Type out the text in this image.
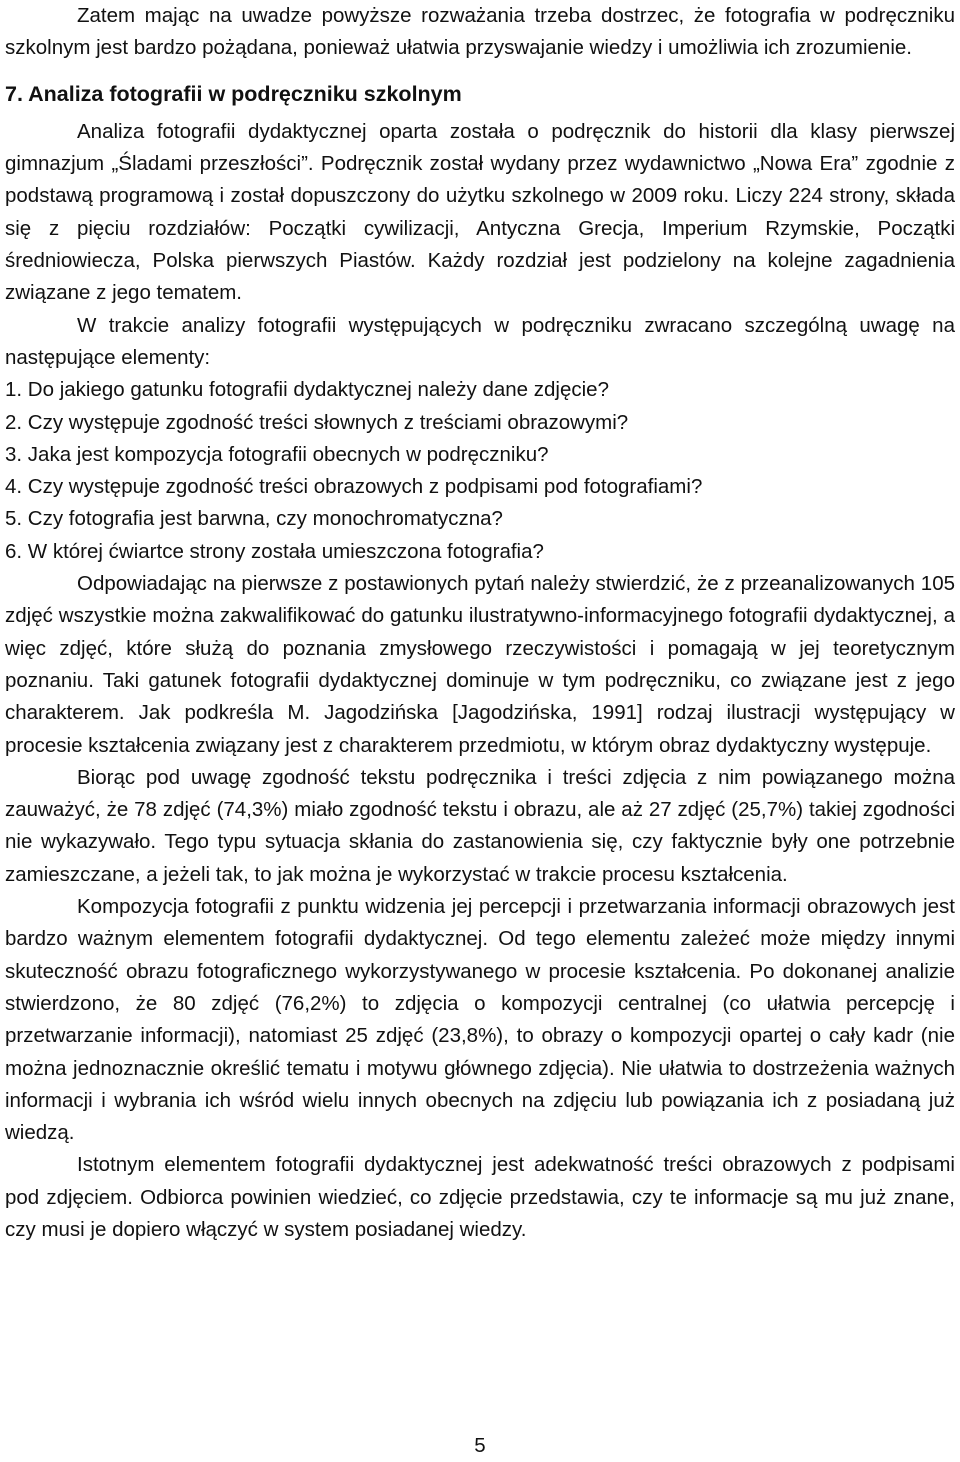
Zatem mając na uwadze powyższe rozważania trzeba dostrzec, że fotografia w podręczniku szkolnym jest bardzo pożądana, ponieważ ułatwia przyswajanie wiedzy i umożliwia ich zrozumienie.

7. Analiza fotografii w podręczniku szkolnym

Analiza fotografii dydaktycznej oparta została o podręcznik do historii dla klasy pierwszej gimnazjum „Śladami przeszłości”. Podręcznik został wydany przez wydawnictwo „Nowa Era” zgodnie z podstawą programową i został dopuszczony do użytku szkolnego w 2009 roku. Liczy 224 strony, składa się z pięciu rozdziałów: Początki cywilizacji, Antyczna Grecja, Imperium Rzymskie, Początki średniowiecza, Polska pierwszych Piastów. Każdy rozdział jest podzielony na kolejne zagadnienia związane z jego tematem.

W trakcie analizy fotografii występujących w podręczniku zwracano szczególną uwagę na następujące elementy:

1. Do jakiego gatunku fotografii dydaktycznej należy dane zdjęcie?

2. Czy występuje zgodność treści słownych z treściami obrazowymi?

3. Jaka jest kompozycja fotografii obecnych w podręczniku?

4. Czy występuje zgodność treści obrazowych z podpisami pod fotografiami?

5. Czy fotografia jest barwna, czy monochromatyczna?

6. W której ćwiartce strony została umieszczona fotografia?

Odpowiadając na pierwsze z postawionych pytań należy stwierdzić, że z przeanalizowanych 105 zdjęć wszystkie można zakwalifikować do gatunku ilustratywno-informacyjnego fotografii dydaktycznej, a więc zdjęć, które służą do poznania zmysłowego rzeczywistości i pomagają w jej teoretycznym poznaniu. Taki gatunek fotografii dydaktycznej dominuje w tym podręczniku, co związane jest z jego charakterem. Jak podkreśla M. Jagodzińska [Jagodzińska, 1991] rodzaj ilustracji występujący w procesie kształcenia związany jest z charakterem przedmiotu, w którym obraz dydaktyczny występuje.

Biorąc pod uwagę zgodność tekstu podręcznika i treści zdjęcia z nim powiązanego można zauważyć, że 78 zdjęć (74,3%) miało zgodność tekstu i obrazu, ale aż 27 zdjęć (25,7%) takiej zgodności nie wykazywało. Tego typu sytuacja skłania do zastanowienia się, czy faktycznie były one potrzebnie zamieszczane, a jeżeli tak, to jak można je wykorzystać w trakcie procesu kształcenia.

Kompozycja fotografii z punktu widzenia jej percepcji i przetwarzania informacji obrazowych jest bardzo ważnym elementem fotografii dydaktycznej. Od tego elementu zależeć może między innymi skuteczność obrazu fotograficznego wykorzystywanego w procesie kształcenia. Po dokonanej analizie stwierdzono, że 80 zdjęć (76,2%) to zdjęcia o kompozycji centralnej (co ułatwia percepcję i przetwarzanie informacji), natomiast 25 zdjęć (23,8%), to obrazy o kompozycji opartej o cały kadr (nie można jednoznacznie określić tematu i motywu głównego zdjęcia). Nie ułatwia to dostrzeżenia ważnych informacji i wybrania ich wśród wielu innych obecnych na zdjęciu lub powiązania ich z posiadaną już wiedzą.

Istotnym elementem fotografii dydaktycznej jest adekwatność treści obrazowych z podpisami pod zdjęciem. Odbiorca powinien wiedzieć, co zdjęcie przedstawia, czy te informacje są mu już znane, czy musi je dopiero włączyć w system posiadanej wiedzy.

5
